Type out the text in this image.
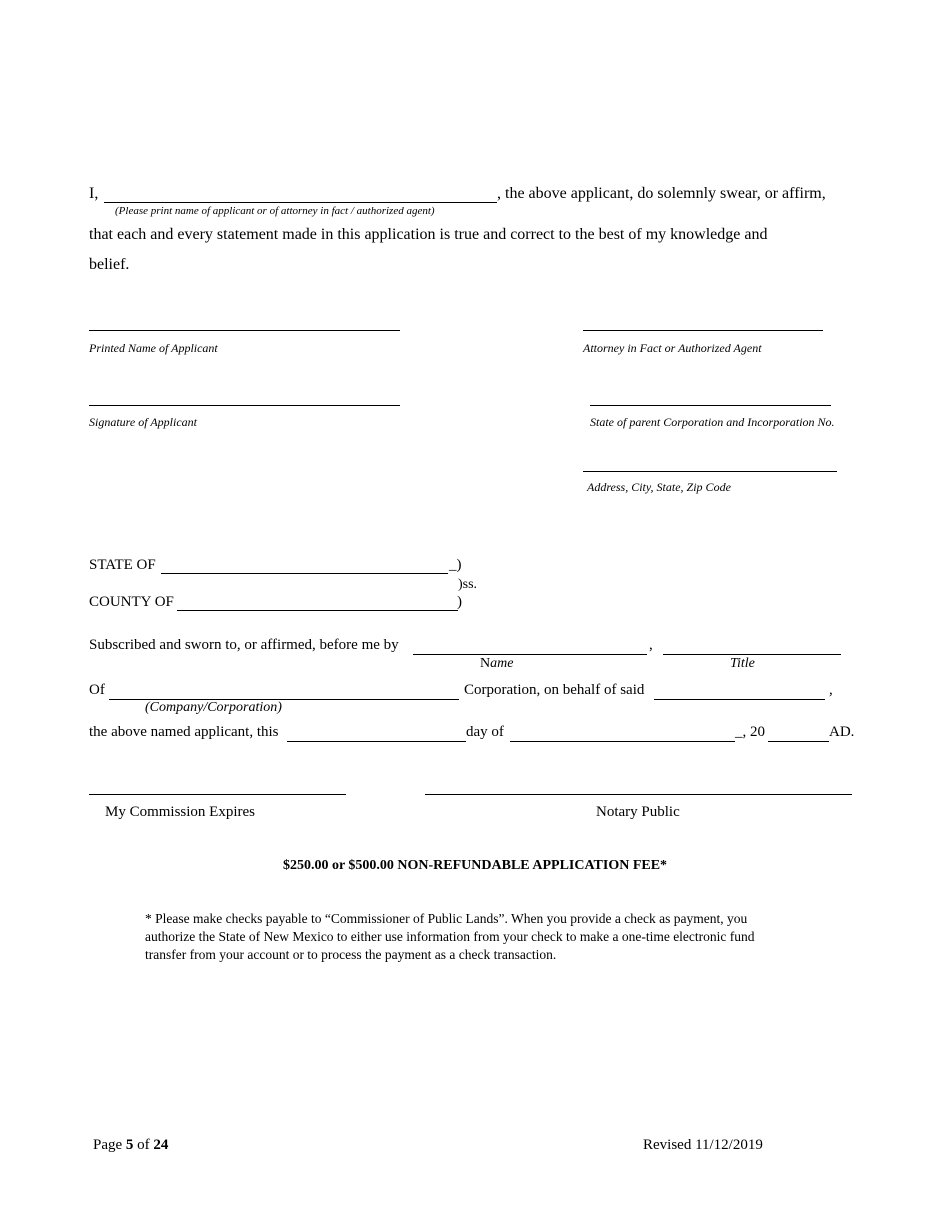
I,	, the above applicant, do solemnly swear, or affirm,
(Please print name of applicant or of attorney in fact / authorized agent)
that each and every statement made in this application is true and correct to the best of my knowledge and
belief.
Printed Name of Applicant	Attorney in Fact or Authorized Agent
Signature of Applicant	State of parent Corporation and Incorporation No.
Address, City, State, Zip Code
STATE OF	_)
)ss.
COUNTY OF	)
Subscribed and sworn to, or affirmed, before me by	,
Name	Title
Of	Corporation, on behalf of said	,
(Company/Corporation)
the above named applicant, this	day of	_, 20	AD.
My Commission Expires	Notary Public
$250.00 or $500.00 NON-REFUNDABLE APPLICATION FEE*
* Please make checks payable to “Commissioner of Public Lands”. When you provide a check as payment, you authorize the State of New Mexico to either use information from your check to make a one-time electronic fund transfer from your account or to process the payment as a check transaction.
Page 5 of 24	Revised 11/12/2019
